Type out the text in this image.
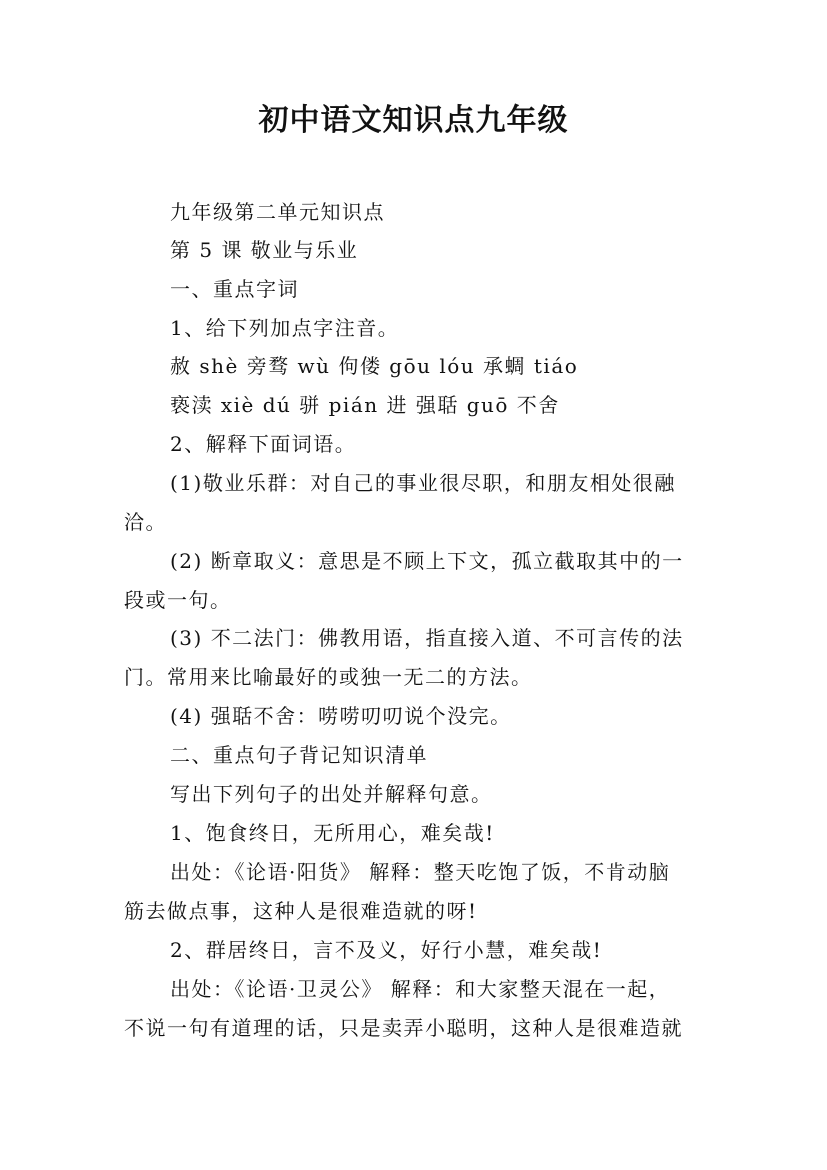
初中语文知识点九年级

九年级第二单元知识点

第 5 课 敬业与乐业

一、重点字词

1、给下列加点字注音。

赦 shè 旁骛 wù 佝偻 gōu lóu 承蜩 tiáo

亵渎 xiè dú 骈 pián 进 强聒 guō 不舍

2、解释下面词语。

(1)敬业乐群：对自己的事业很尽职，和朋友相处很融

洽。

(2) 断章取义：意思是不顾上下文，孤立截取其中的一

段或一句。

(3) 不二法门：佛教用语，指直接入道、不可言传的法

门。常用来比喻最好的或独一无二的方法。

(4) 强聒不舍：唠唠叨叨说个没完。

二、重点句子背记知识清单

写出下列句子的出处并解释句意。

1、饱食终日，无所用心，难矣哉!

出处：《论语·阳货》 解释：整天吃饱了饭，不肯动脑

筋去做点事，这种人是很难造就的呀!

2、群居终日，言不及义，好行小慧，难矣哉!

出处：《论语·卫灵公》 解释：和大家整天混在一起，

不说一句有道理的话，只是卖弄小聪明，这种人是很难造就
